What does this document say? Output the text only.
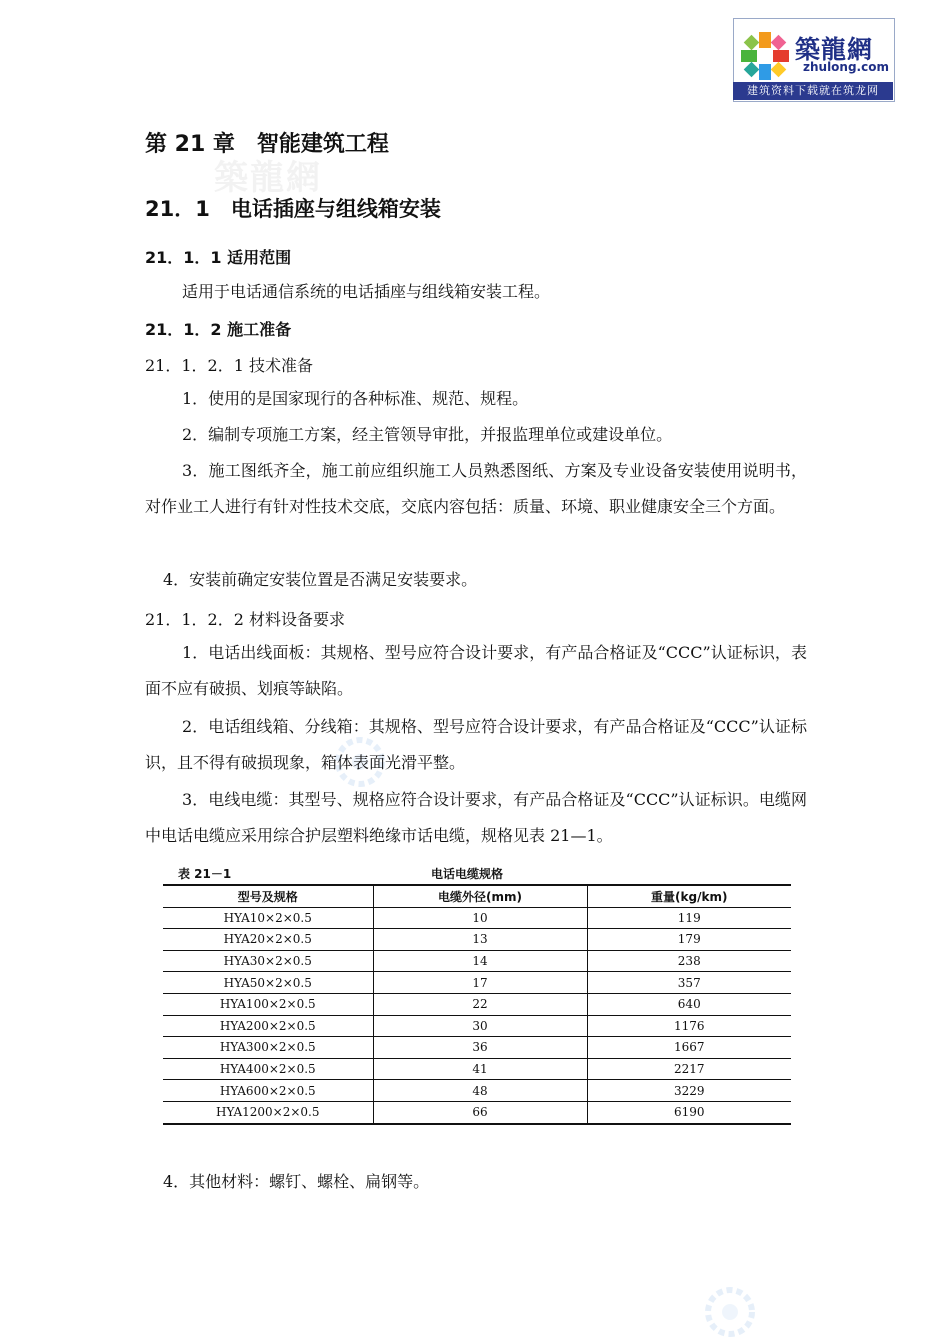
築龍網
zhulong.com
建筑资料下载就在筑龙网
築龍網
第 21 章　智能建筑工程
21．1　电话插座与组线箱安装
21．1．1 适用范围
适用于电话通信系统的电话插座与组线箱安装工程。
21．1．2 施工准备
21．1．2．1 技术准备
1．使用的是国家现行的各种标准、规范、规程。
2．编制专项施工方案，经主管领导审批，并报监理单位或建设单位。
3．施工图纸齐全，施工前应组织施工人员熟悉图纸、方案及专业设备安装使用说明书，对作业工人进行有针对性技术交底，交底内容包括：质量、环境、职业健康安全三个方面。
4．安装前确定安装位置是否满足安装要求。
21．1．2．2 材料设备要求
1．电话出线面板：其规格、型号应符合设计要求，有产品合格证及“CCC”认证标识，表面不应有破损、划痕等缺陷。
2．电话组线箱、分线箱：其规格、型号应符合设计要求，有产品合格证及“CCC”认证标识，且不得有破损现象，箱体表面光滑平整。
3．电线电缆：其型号、规格应符合设计要求，有产品合格证及“CCC”认证标识。电缆网中电话电缆应采用综合护层塑料绝缘市话电缆，规格见表 21—1。
表 21－1	电话电缆规格
型号及规格	电缆外径(mm)	重量(kg/km)
HYA10×2×0.5	10	119
HYA20×2×0.5	13	179
HYA30×2×0.5	14	238
HYA50×2×0.5	17	357
HYA100×2×0.5	22	640
HYA200×2×0.5	30	1176
HYA300×2×0.5	36	1667
HYA400×2×0.5	41	2217
HYA600×2×0.5	48	3229
HYA1200×2×0.5	66	6190
4．其他材料：螺钉、螺栓、扁钢等。
